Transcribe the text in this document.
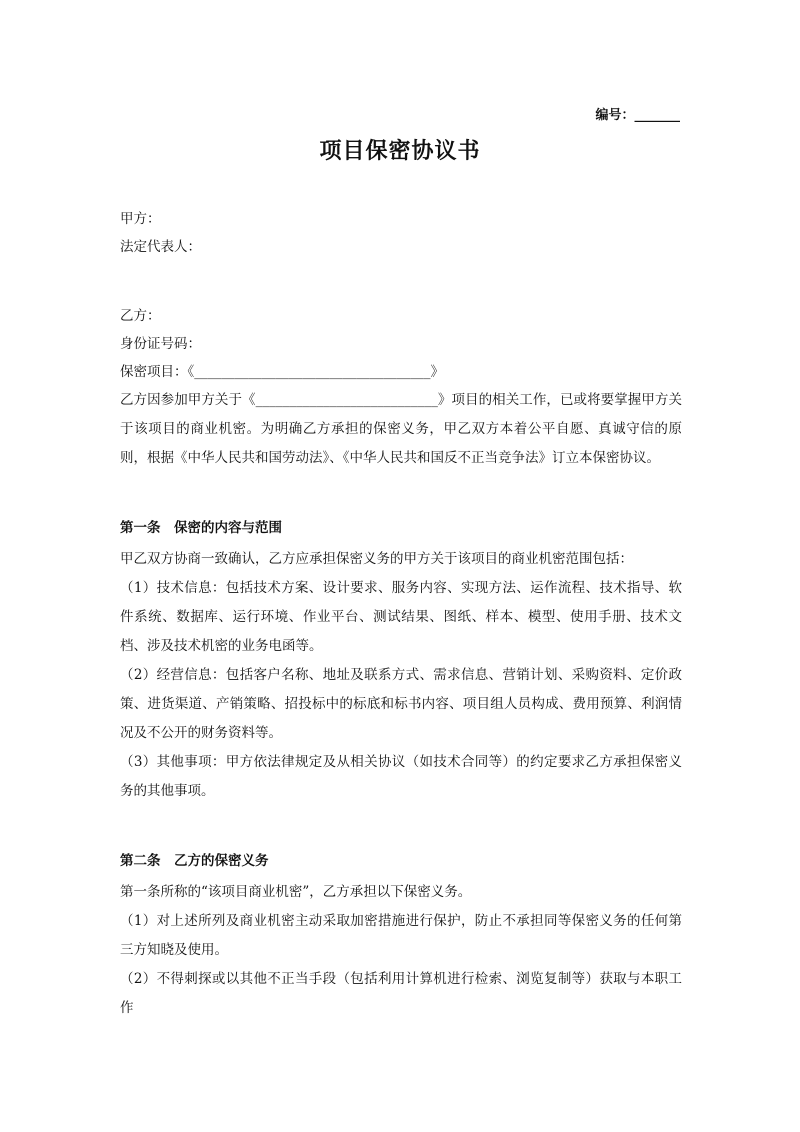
编号：_______
项目保密协议书
甲方：
法定代表人：
乙方：
身份证号码：
保密项目：《___________________________________》
乙方因参加甲方关于《___________________________》项目的相关工作，已或将要掌握甲方关于该项目的商业机密。为明确乙方承担的保密义务，甲乙双方本着公平自愿、真诚守信的原则，根据《中华人民共和国劳动法》、《中华人民共和国反不正当竞争法》订立本保密协议。
第一条　保密的内容与范围
甲乙双方协商一致确认，乙方应承担保密义务的甲方关于该项目的商业机密范围包括：
（1）技术信息：包括技术方案、设计要求、服务内容、实现方法、运作流程、技术指导、软件系统、数据库、运行环境、作业平台、测试结果、图纸、样本、模型、使用手册、技术文档、涉及技术机密的业务电函等。
（2）经营信息：包括客户名称、地址及联系方式、需求信息、营销计划、采购资料、定价政策、进货渠道、产销策略、招投标中的标底和标书内容、项目组人员构成、费用预算、利润情况及不公开的财务资料等。
（3）其他事项：甲方依法律规定及从相关协议（如技术合同等）的约定要求乙方承担保密义务的其他事项。
第二条　乙方的保密义务
第一条所称的“该项目商业机密”，乙方承担以下保密义务。
（1）对上述所列及商业机密主动采取加密措施进行保护，防止不承担同等保密义务的任何第三方知晓及使用。
（2）不得刺探或以其他不正当手段（包括利用计算机进行检索、浏览复制等）获取与本职工作
